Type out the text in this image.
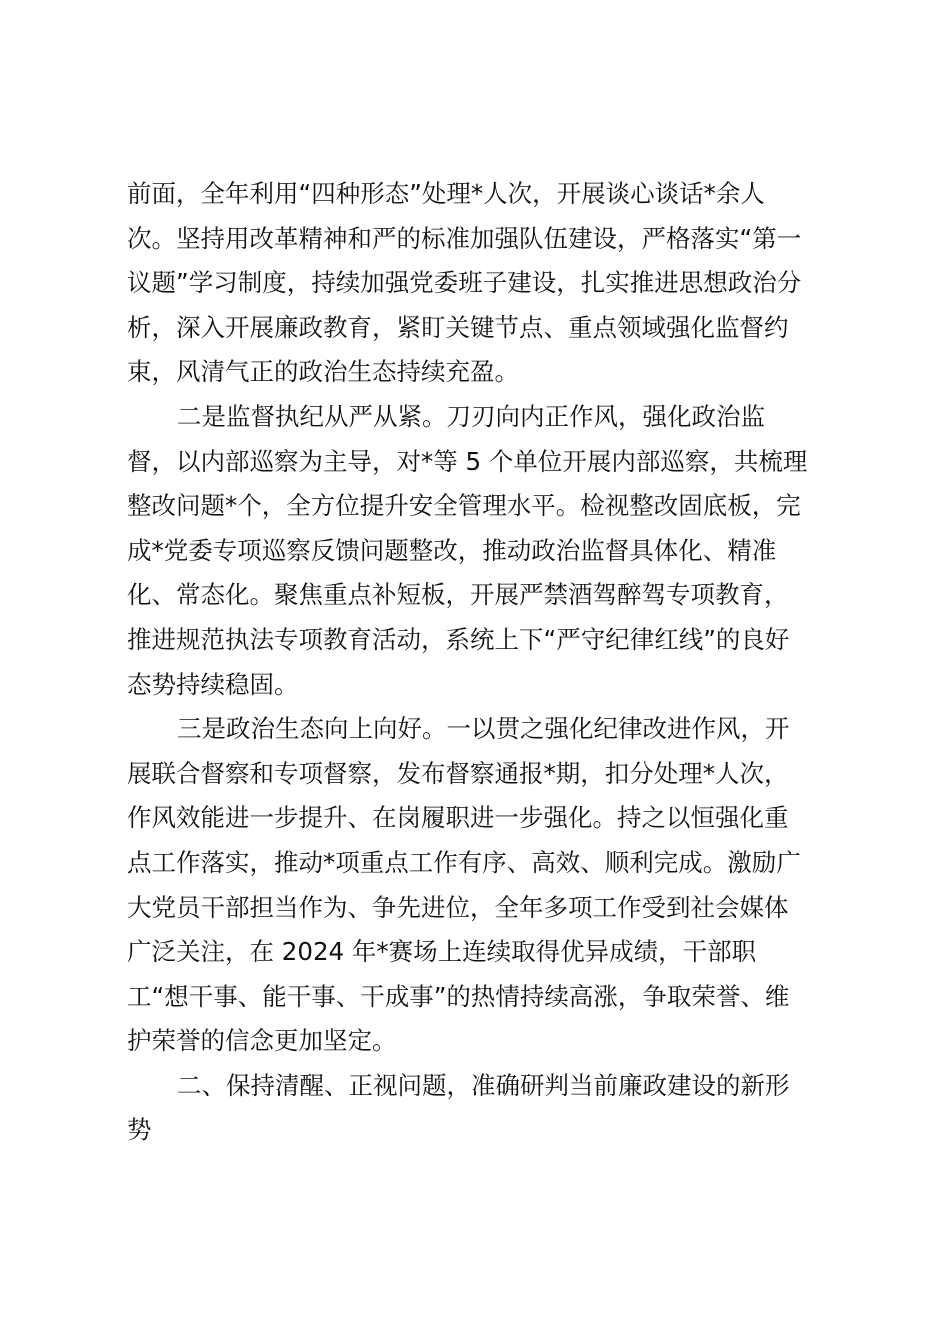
前面，全年利用“四种形态”处理*人次，开展谈心谈话*余人
次。坚持用改革精神和严的标准加强队伍建设，严格落实“第一
议题”学习制度，持续加强党委班子建设，扎实推进思想政治分
析，深入开展廉政教育，紧盯关键节点、重点领域强化监督约
束，风清气正的政治生态持续充盈。
二是监督执纪从严从紧。刀刃向内正作风，强化政治监
督，以内部巡察为主导，对*等 5 个单位开展内部巡察，共梳理
整改问题*个，全方位提升安全管理水平。检视整改固底板，完
成*党委专项巡察反馈问题整改，推动政治监督具体化、精准
化、常态化。聚焦重点补短板，开展严禁酒驾醉驾专项教育，
推进规范执法专项教育活动，系统上下“严守纪律红线”的良好
态势持续稳固。
三是政治生态向上向好。一以贯之强化纪律改进作风，开
展联合督察和专项督察，发布督察通报*期，扣分处理*人次，
作风效能进一步提升、在岗履职进一步强化。持之以恒强化重
点工作落实，推动*项重点工作有序、高效、顺利完成。激励广
大党员干部担当作为、争先进位，全年多项工作受到社会媒体
广泛关注，在 2024 年*赛场上连续取得优异成绩，干部职
工“想干事、能干事、干成事”的热情持续高涨，争取荣誉、维
护荣誉的信念更加坚定。
二、保持清醒、正视问题，准确研判当前廉政建设的新形
势
